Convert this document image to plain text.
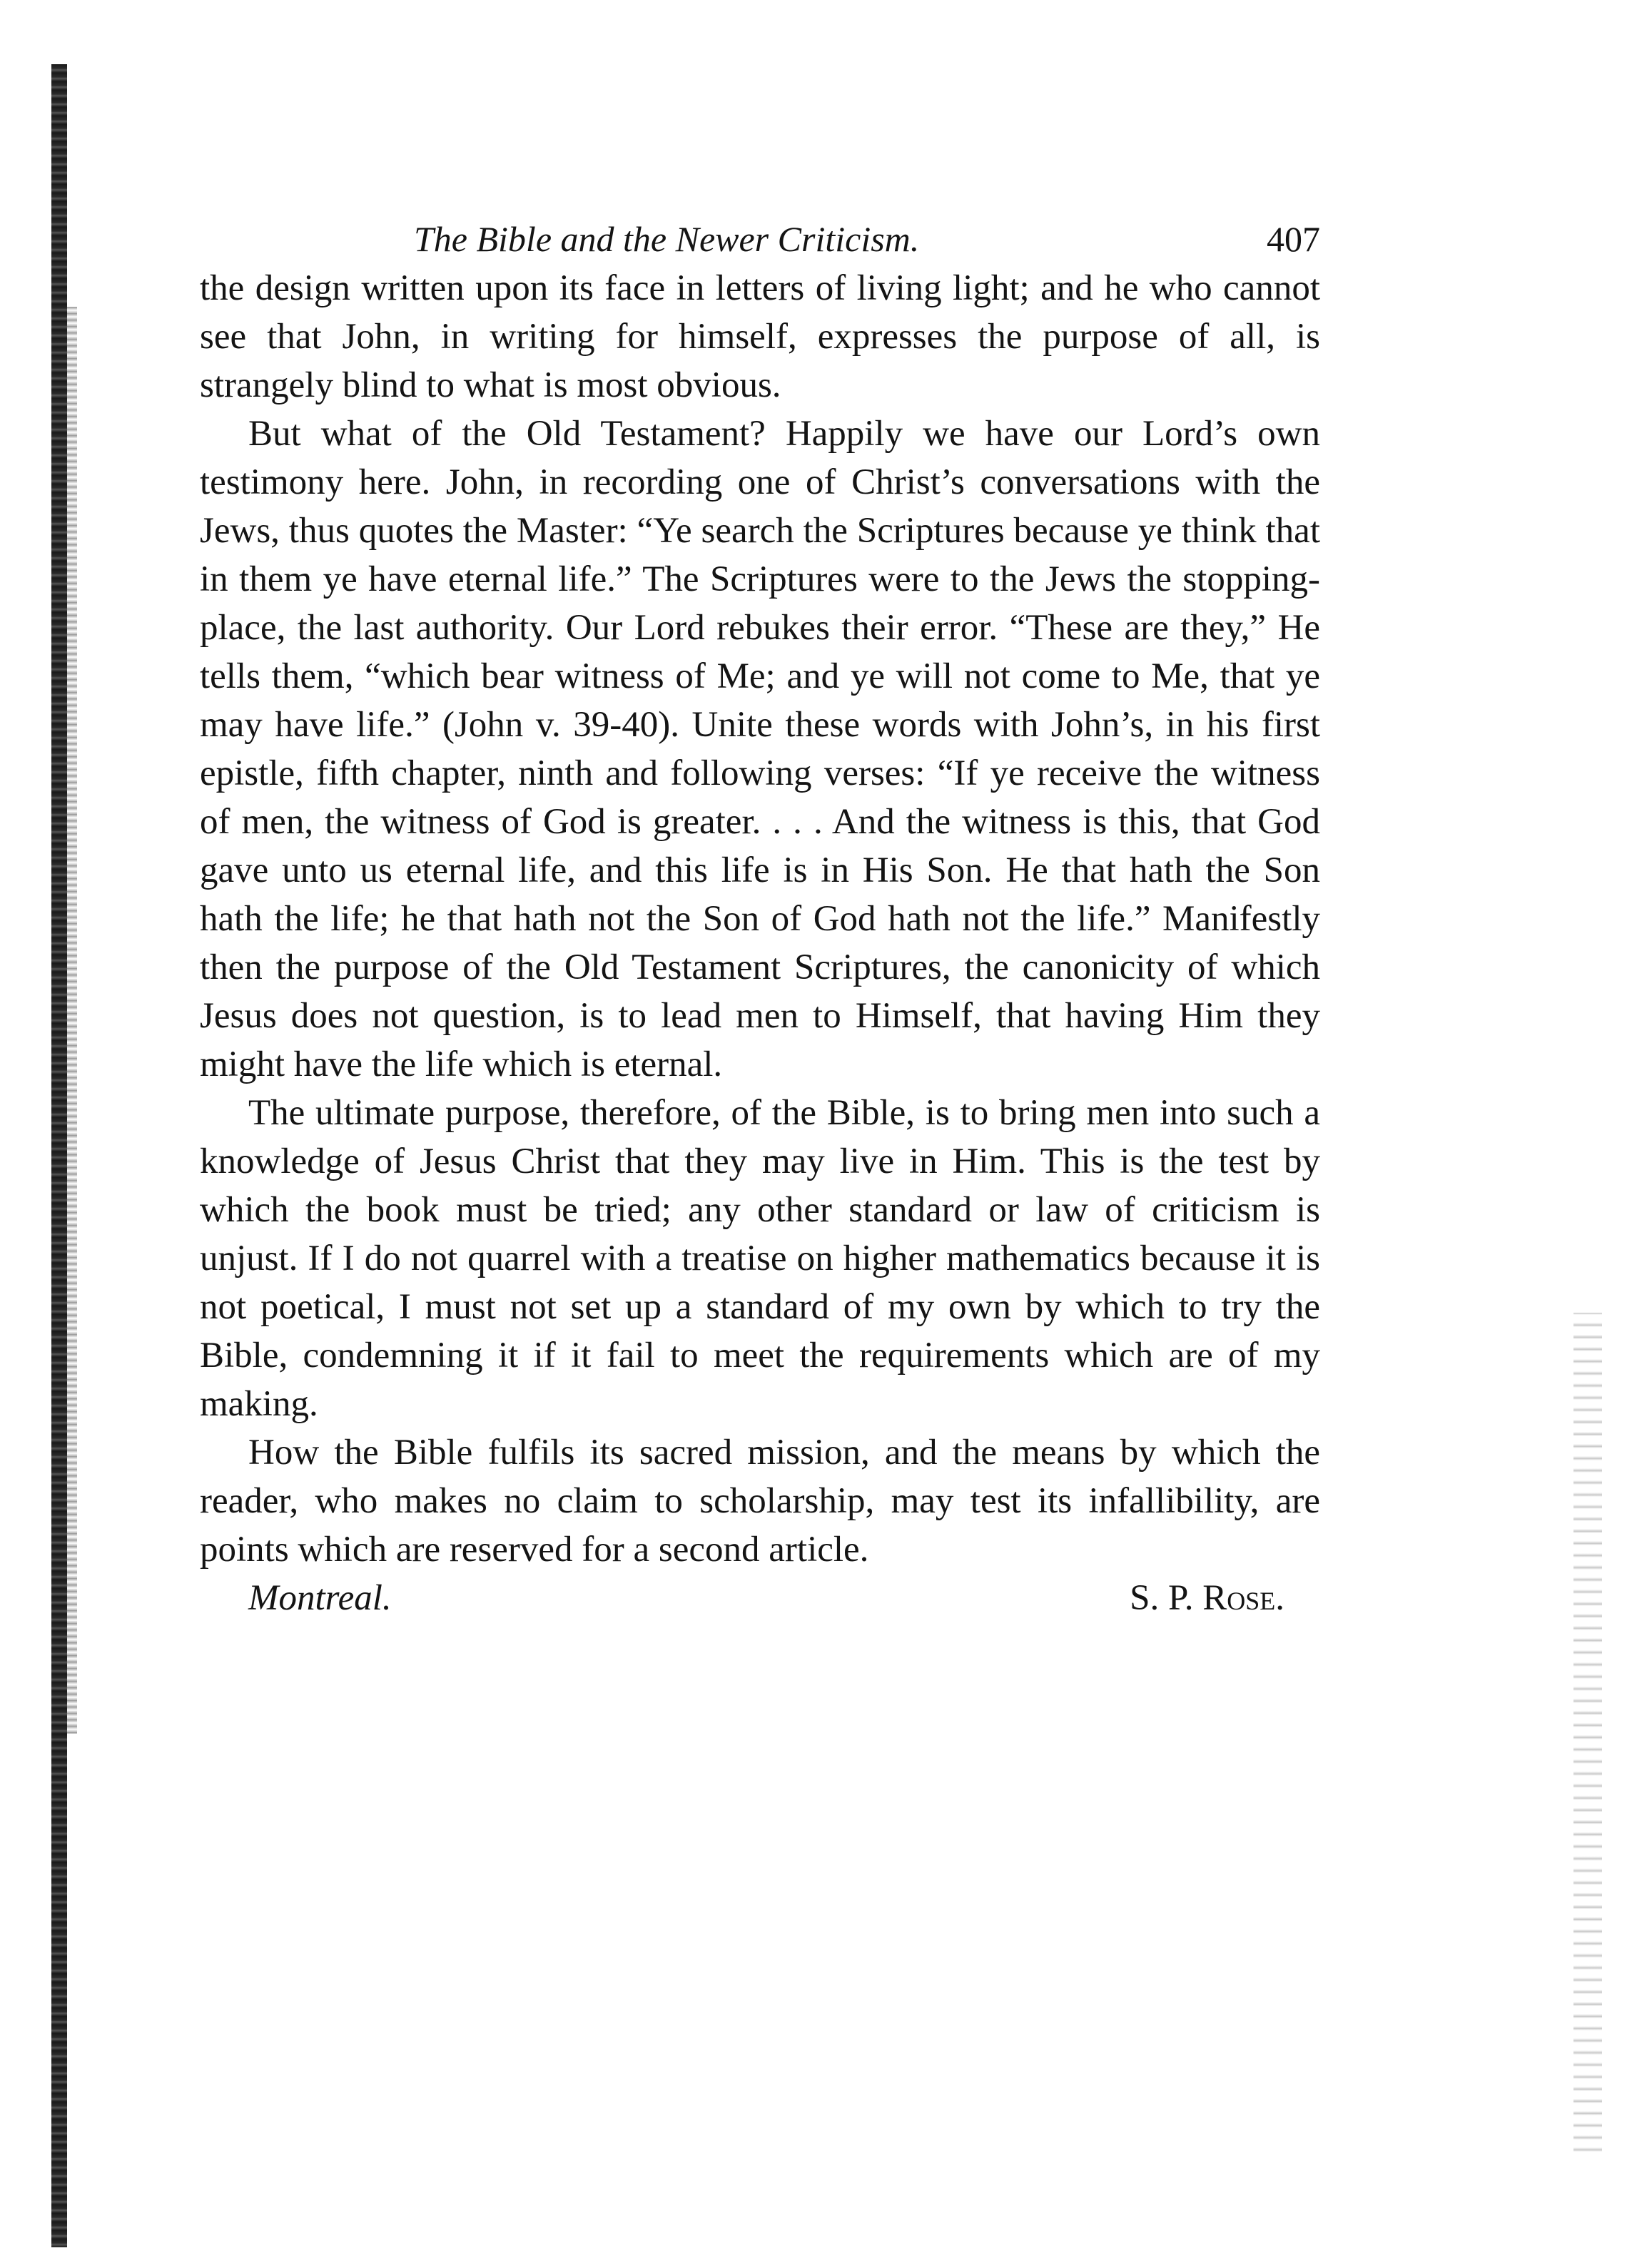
The Bible and the Newer Criticism.	407

the design written upon its face in letters of living light; and he who cannot see that John, in writing for himself, expresses the purpose of all, is strangely blind to what is most obvious.

But what of the Old Testament? Happily we have our Lord’s own testimony here. John, in recording one of Christ’s conversations with the Jews, thus quotes the Master: “Ye search the Scriptures because ye think that in them ye have eternal life.” The Scriptures were to the Jews the stopping-place, the last authority. Our Lord rebukes their error. “These are they,” He tells them, “which bear witness of Me; and ye will not come to Me, that ye may have life.” (John v. 39-40). Unite these words with John’s, in his first epistle, fifth chapter, ninth and following verses: “If ye receive the witness of men, the witness of God is greater. . . . And the witness is this, that God gave unto us eternal life, and this life is in His Son. He that hath the Son hath the life; he that hath not the Son of God hath not the life.” Manifestly then the purpose of the Old Testament Scriptures, the canonicity of which Jesus does not question, is to lead men to Himself, that having Him they might have the life which is eternal.

The ultimate purpose, therefore, of the Bible, is to bring men into such a knowledge of Jesus Christ that they may live in Him. This is the test by which the book must be tried; any other standard or law of criticism is unjust. If I do not quarrel with a treatise on higher mathematics because it is not poetical, I must not set up a standard of my own by which to try the Bible, condemning it if it fail to meet the requirements which are of my making.

How the Bible fulfils its sacred mission, and the means by which the reader, who makes no claim to scholarship, may test its infallibility, are points which are reserved for a second article.

Montreal.	S. P. Rose.
